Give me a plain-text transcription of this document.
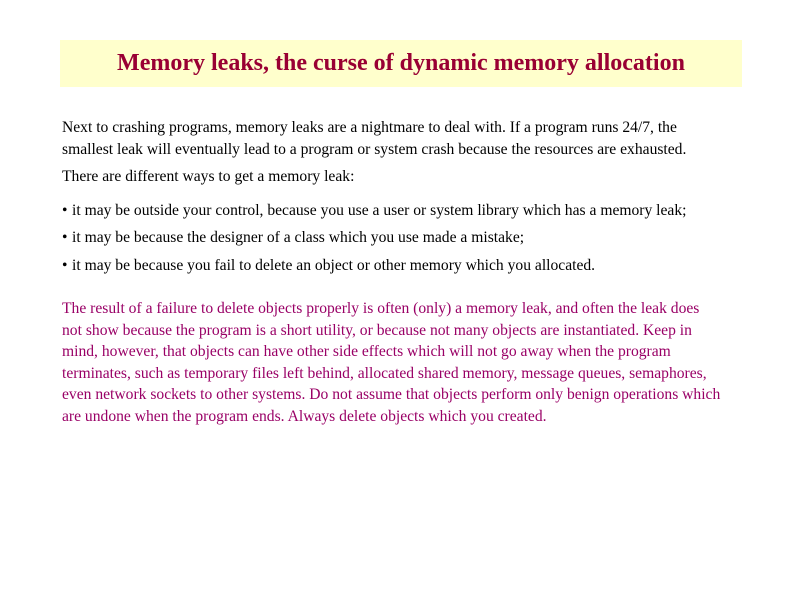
Memory leaks, the curse of dynamic memory allocation

Next to crashing programs, memory leaks are a nightmare to deal with. If a program runs 24/7, the smallest leak will eventually lead to a program or system crash because the resources are exhausted.

There are different ways to get a memory leak:

• it may be outside your control, because you use a user or system library which has a memory leak;
• it may be because the designer of a class which you use made a mistake;
• it may be because you fail to delete an object or other memory which you allocated.

The result of a failure to delete objects properly is often (only) a memory leak, and often the leak does not show because the program is a short utility, or because not many objects are instantiated. Keep in mind, however, that objects can have other side effects which will not go away when the program terminates, such as temporary files left behind, allocated shared memory, message queues, semaphores, even network sockets to other systems. Do not assume that objects perform only benign operations which are undone when the program ends. Always delete objects which you created.
